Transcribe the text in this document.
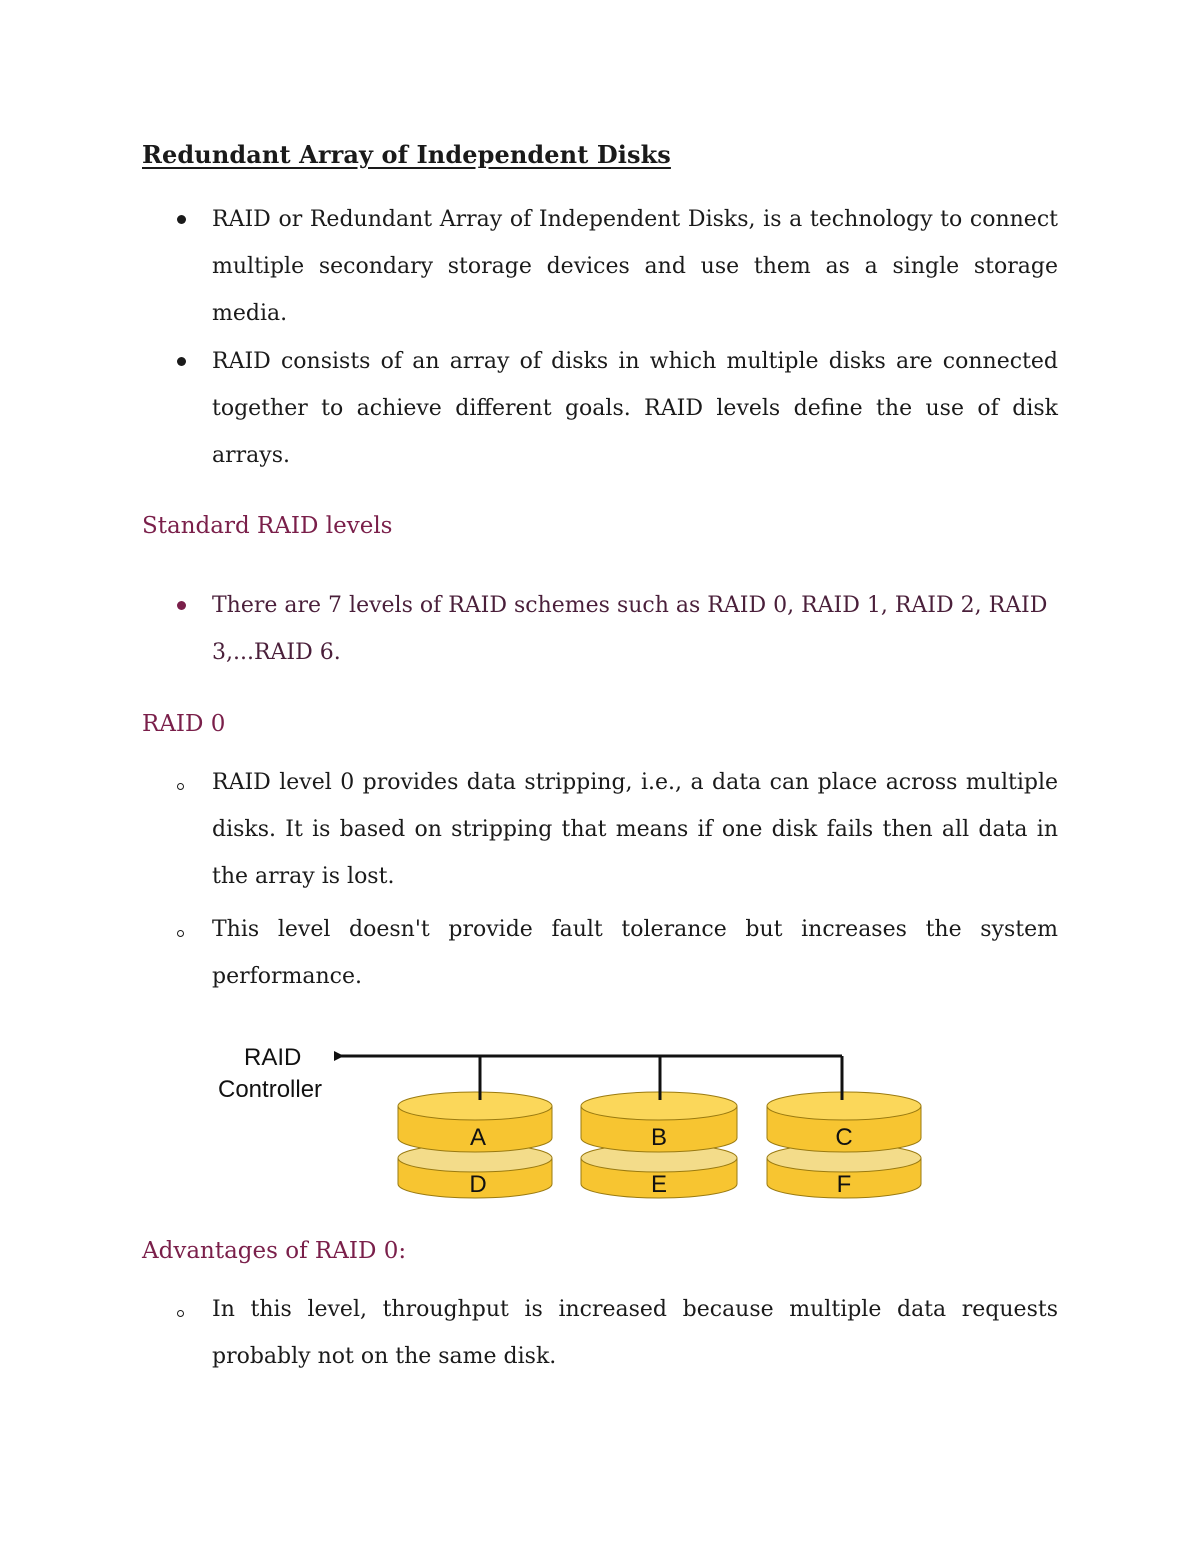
Redundant Array of Independent Disks
RAID or Redundant Array of Independent Disks, is a technology to connect multiple secondary storage devices and use them as a single storage media.
RAID consists of an array of disks in which multiple disks are connected together to achieve different goals. RAID levels define the use of disk arrays.
Standard RAID levels
There are 7 levels of RAID schemes such as RAID 0, RAID 1, RAID 2, RAID 3,...RAID 6.
RAID 0
RAID level 0 provides data stripping, i.e., a data can place across multiple disks. It is based on stripping that means if one disk fails then all data in the array is lost.
This level doesn't provide fault tolerance but increases the system performance.
RAID
Controller
A
D
B
E
C
F
Advantages of RAID 0:
In this level, throughput is increased because multiple data requests probably not on the same disk.
